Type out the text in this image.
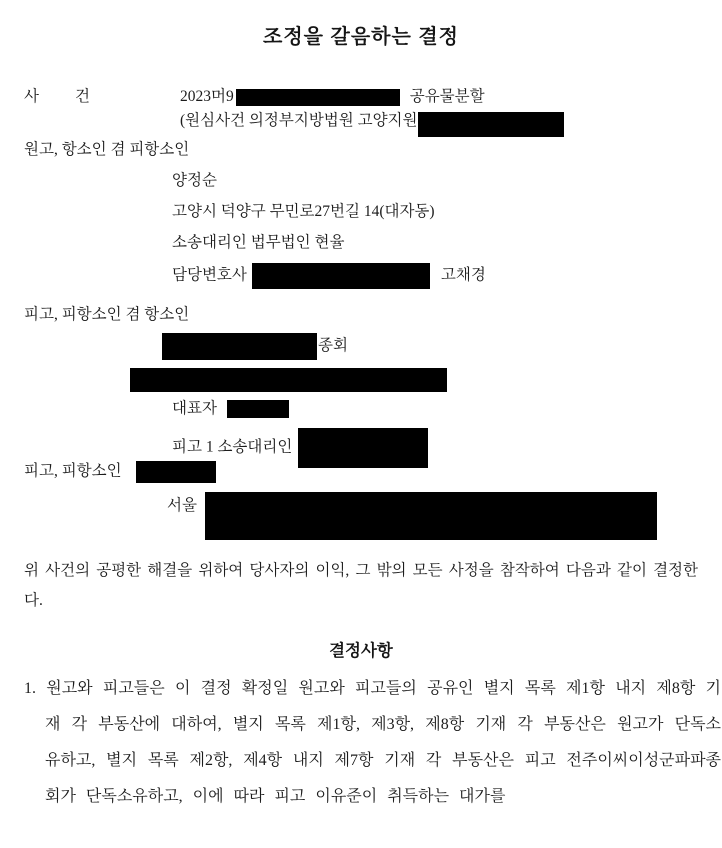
조정을 갈음하는 결정
사 건	2023머9	공유물분할
(원심사건 의정부지방법원 고양지원
원고, 항소인 겸 피항소인
양정순
고양시 덕양구 무민로27번길 14(대자동)
소송대리인 법무법인 현율
담당변호사	고채경
피고, 피항소인 겸 항소인
종회
대표자
피고 1 소송대리인
피고, 피항소인
서울
위 사건의 공평한 해결을 위하여 당사자의 이익, 그 밖의 모든 사정을 참작하여 다음과 같이 결정한다.
결정사항
1. 원고와 피고들은 이 결정 확정일 원고와 피고들의 공유인 별지 목록 제1항 내지 제8항 기재 각 부동산에 대하여, 별지 목록 제1항, 제3항, 제8항 기재 각 부동산은 원고가 단독소유하고, 별지 목록 제2항, 제4항 내지 제7항 기재 각 부동산은 피고 전주이씨이성군파파종회가 단독소유하고, 이에 따라 피고 이유준이 취득하는 대가를
